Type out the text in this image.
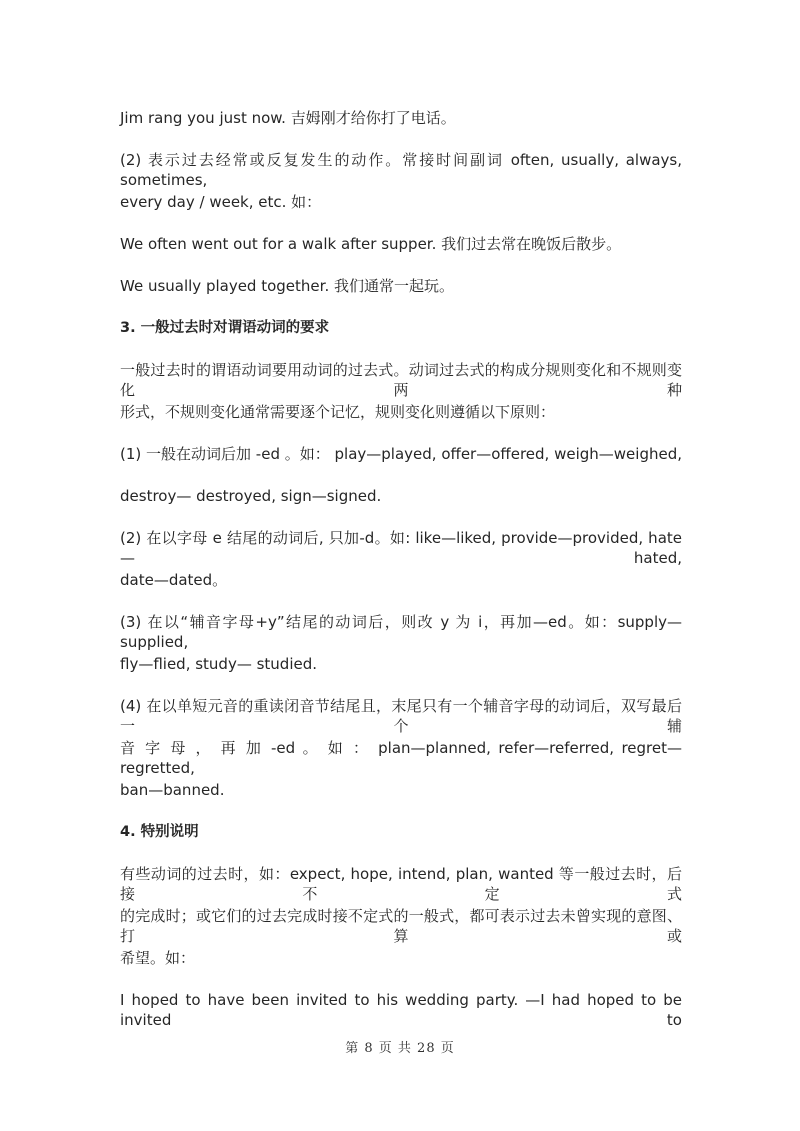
Jim rang you just now. 吉姆刚才给你打了电话。
(2) 表示过去经常或反复发生的动作。常接时间副词 often, usually, always, sometimes,
every day / week, etc. 如：
We often went out for a walk after supper. 我们过去常在晚饭后散步。
We usually played together. 我们通常一起玩。
3. 一般过去时对谓语动词的要求
一般过去时的谓语动词要用动词的过去式。动词过去式的构成分规则变化和不规则变化两种
形式，不规则变化通常需要逐个记忆，规则变化则遵循以下原则：
(1) 一般在动词后加 -ed 。如： play—played, offer—offered, weigh—weighed,
destroy— destroyed, sign—signed.
(2) 在以字母 e 结尾的动词后, 只加-d。如: like—liked, provide—provided, hate — hated,
date—dated。
(3) 在以“辅音字母+y”结尾的动词后，则改 y 为 i，再加—ed。如：supply—supplied,
fly—flied, study— studied.
(4) 在以单短元音的重读闭音节结尾且，末尾只有一个辅音字母的动词后，双写最后一个辅
音 字 母 ， 再 加 -ed 。 如 ： plan—planned, refer—referred, regret—regretted,
ban—banned.
4. 特别说明
有些动词的过去时，如：expect, hope, intend, plan, wanted 等一般过去时，后接不定式
的完成时；或它们的过去完成时接不定式的一般式，都可表示过去未曾实现的意图、打算或
希望。如：
I hoped to have been invited to his wedding party. —I had hoped to be invited to
第 8 页 共 28 页
